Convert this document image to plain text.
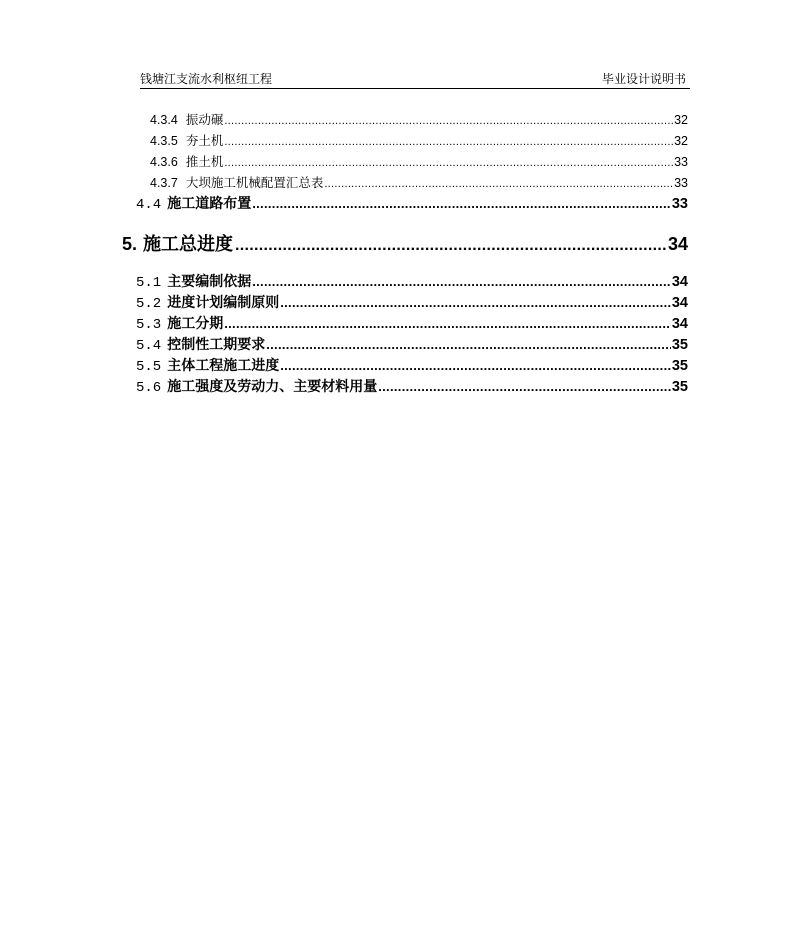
钱塘江支流水利枢纽工程	毕业设计说明书
4.3.4 振动碾 .....	32
4.3.5 夯土机 .....	32
4.3.6 推土机 .....	33
4.3.7 大坝施工机械配置汇总表 .....	33
4.4 施工道路布置 .....	33
5. 施工总进度 .....	34
5.1 主要编制依据 .....	34
5.2 进度计划编制原则 .....	34
5.3 施工分期 .....	34
5.4 控制性工期要求 .....	35
5.5 主体工程施工进度 .....	35
5.6 施工强度及劳动力、主要材料用量 .....	35
